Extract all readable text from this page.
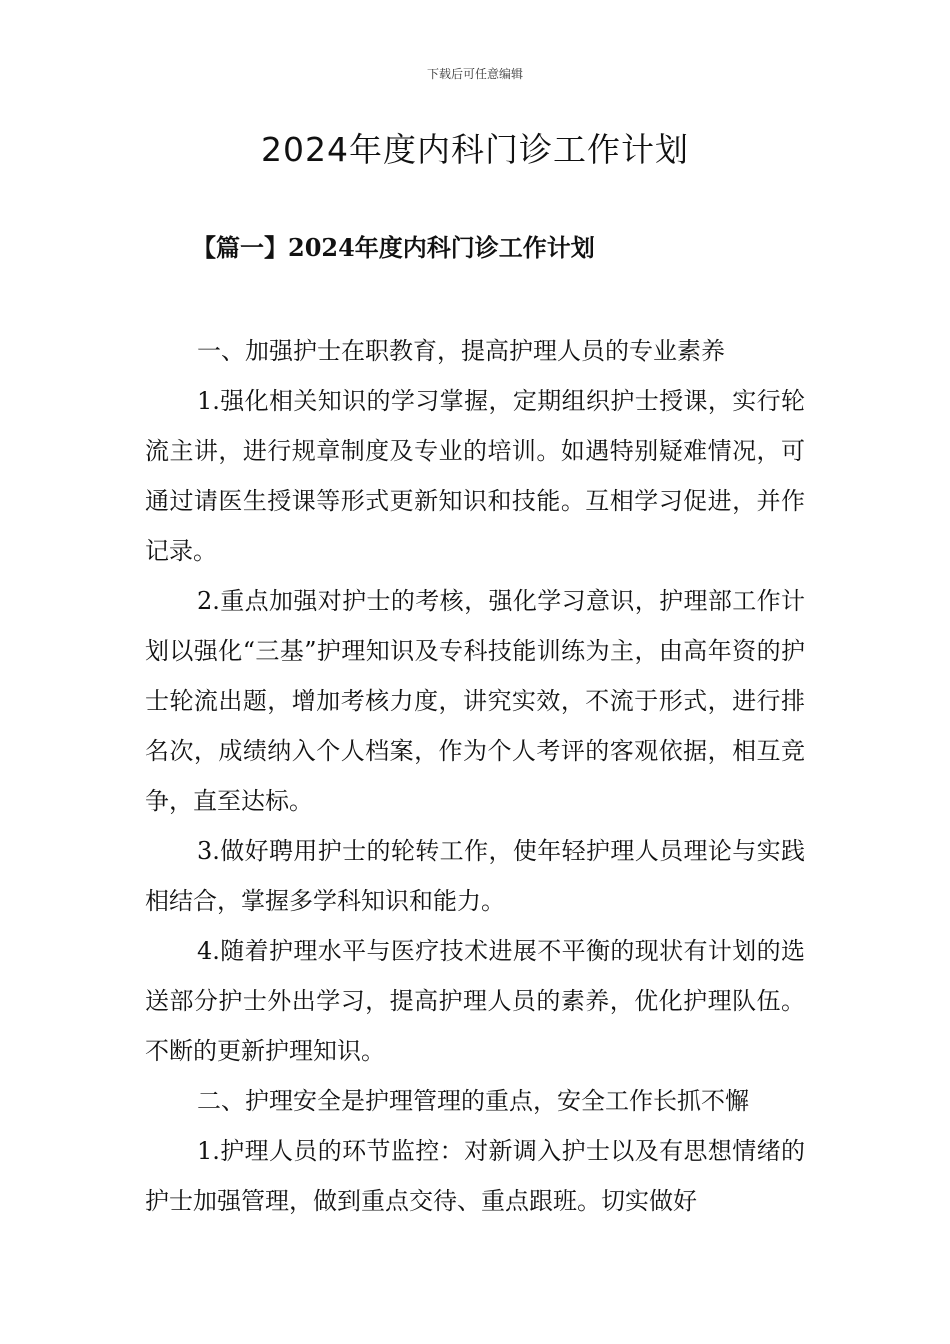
下载后可任意编辑
2024年度内科门诊工作计划
【篇一】2024年度内科门诊工作计划

一、加强护士在职教育，提高护理人员的专业素养

1.强化相关知识的学习掌握，定期组织护士授课，实行轮流主讲，进行规章制度及专业的培训。如遇特别疑难情况，可通过请医生授课等形式更新知识和技能。互相学习促进，并作记录。

2.重点加强对护士的考核，强化学习意识，护理部工作计划以强化“三基”护理知识及专科技能训练为主，由高年资的护士轮流出题，增加考核力度，讲究实效，不流于形式，进行排名次，成绩纳入个人档案，作为个人考评的客观依据，相互竞争，直至达标。

3.做好聘用护士的轮转工作，使年轻护理人员理论与实践相结合，掌握多学科知识和能力。

4.随着护理水平与医疗技术进展不平衡的现状有计划的选送部分护士外出学习，提高护理人员的素养，优化护理队伍。不断的更新护理知识。

二、护理安全是护理管理的重点，安全工作长抓不懈

1.护理人员的环节监控：对新调入护士以及有思想情绪的护士加强管理，做到重点交待、重点跟班。切实做好
